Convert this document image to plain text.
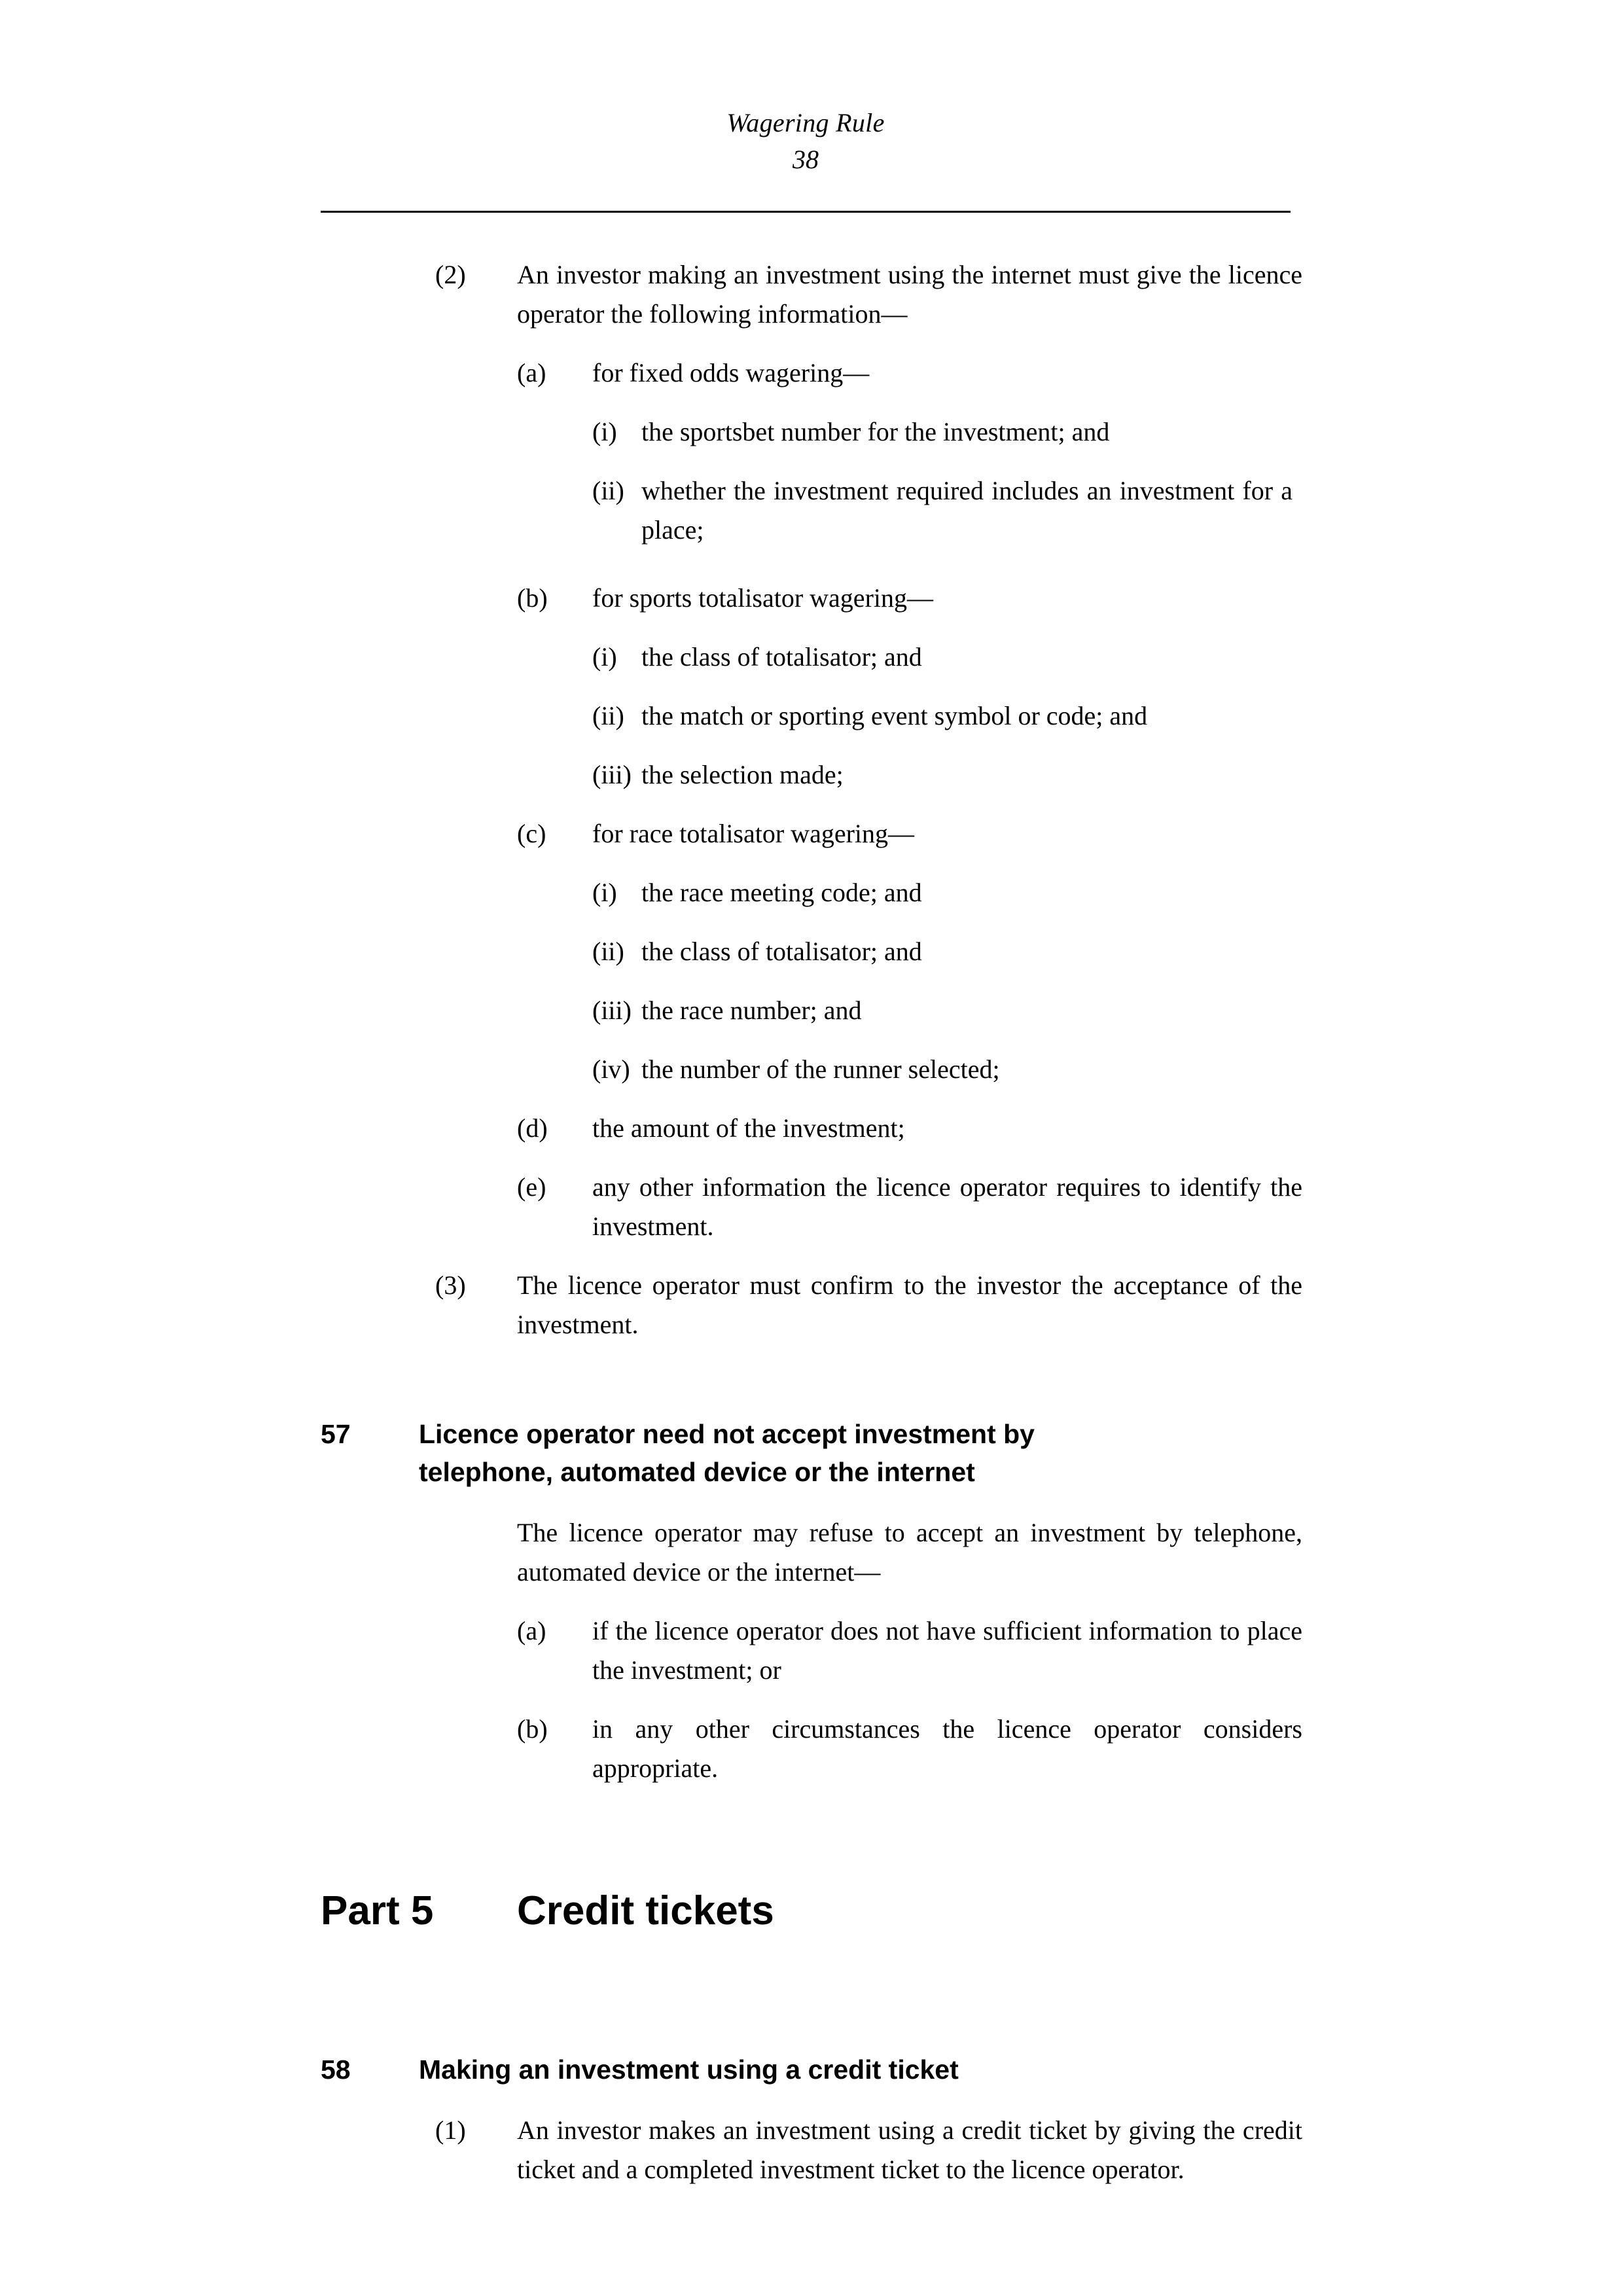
Wagering Rule
38
(2)	An investor making an investment using the internet must give the licence operator the following information—
(a)	for fixed odds wagering—
(i) the sportsbet number for the investment; and
(ii) whether the investment required includes an investment for a place;
(b)	for sports totalisator wagering—
(i) the class of totalisator; and
(ii) the match or sporting event symbol or code; and
(iii) the selection made;
(c)	for race totalisator wagering—
(i) the race meeting code; and
(ii) the class of totalisator; and
(iii) the race number; and
(iv) the number of the runner selected;
(d)	the amount of the investment;
(e)	any other information the licence operator requires to identify the investment.
(3)	The licence operator must confirm to the investor the acceptance of the investment.
57	Licence operator need not accept investment by telephone, automated device or the internet
The licence operator may refuse to accept an investment by telephone, automated device or the internet—
(a)	if the licence operator does not have sufficient information to place the investment; or
(b)	in any other circumstances the licence operator considers appropriate.
Part 5	Credit tickets
58	Making an investment using a credit ticket
(1)	An investor makes an investment using a credit ticket by giving the credit ticket and a completed investment ticket to the licence operator.
